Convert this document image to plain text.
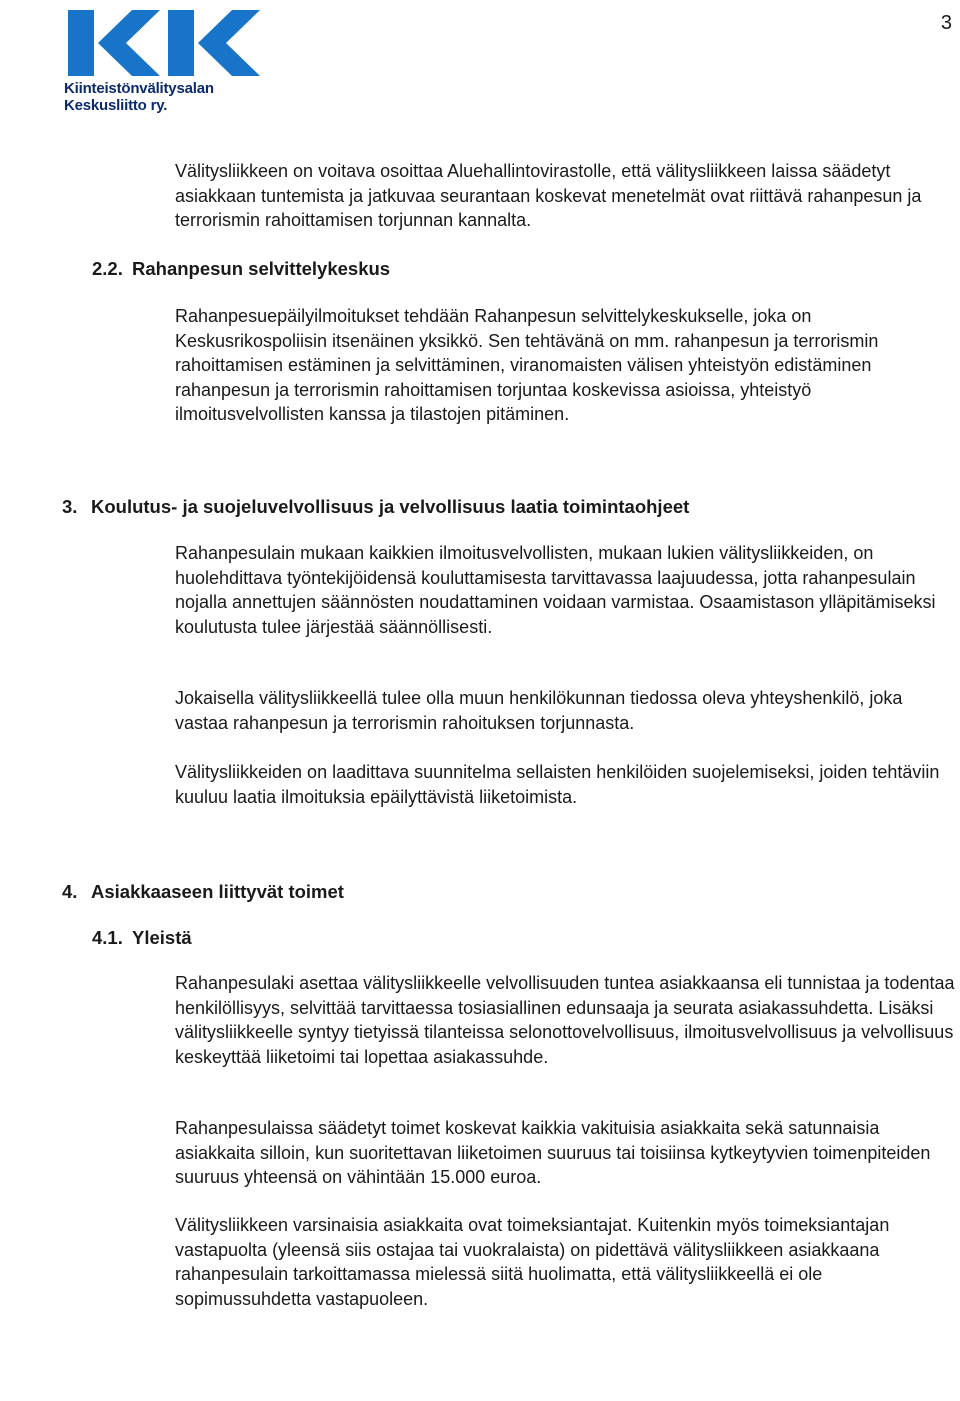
3
Kiinteistönvälitysalan Keskusliitto ry.

Välitysliikkeen on voitava osoittaa Aluehallintovirastolle, että välitysliikkeen laissa säädetyt asiakkaan tuntemista ja jatkuvaa seurantaan koskevat menetelmät ovat riittävä rahanpesun ja terrorismin rahoittamisen torjunnan kannalta.

2.2. Rahanpesun selvittelykeskus

Rahanpesuepäilyilmoitukset tehdään Rahanpesun selvittelykeskukselle, joka on Keskusrikospoliisin itsenäinen yksikkö. Sen tehtävänä on mm. rahanpesun ja terrorismin rahoittamisen estäminen ja selvittäminen, viranomaisten välisen yhteistyön edistäminen rahanpesun ja terrorismin rahoittamisen torjuntaa koskevissa asioissa, yhteistyö ilmoitusvelvollisten kanssa ja tilastojen pitäminen.

3. Koulutus- ja suojeluvelvollisuus ja velvollisuus laatia toimintaohjeet

Rahanpesulain mukaan kaikkien ilmoitusvelvollisten, mukaan lukien välitysliikkeiden, on huolehdittava työntekijöidensä kouluttamisesta tarvittavassa laajuudessa, jotta rahanpesulain nojalla annettujen säännösten noudattaminen voidaan varmistaa. Osaamistason ylläpitämiseksi koulutusta tulee järjestää säännöllisesti.

Jokaisella välitysliikkeellä tulee olla muun henkilökunnan tiedossa oleva yhteyshenkilö, joka vastaa rahanpesun ja terrorismin rahoituksen torjunnasta.

Välitysliikkeiden on laadittava suunnitelma sellaisten henkilöiden suojelemiseksi, joiden tehtäviin kuuluu laatia ilmoituksia epäilyttävistä liiketoimista.

4. Asiakkaaseen liittyvät toimet
4.1. Yleistä

Rahanpesulaki asettaa välitysliikkeelle velvollisuuden tuntea asiakkaansa eli tunnistaa ja todentaa henkilöllisyys, selvittää tarvittaessa tosiasiallinen edunsaaja ja seurata asiakassuhdetta. Lisäksi välitysliikkeelle syntyy tietyissä tilanteissa selonottovelvollisuus, ilmoitusvelvollisuus ja velvollisuus keskeyttää liiketoimi tai lopettaa asiakassuhde.

Rahanpesulaissa säädetyt toimet koskevat kaikkia vakituisia asiakkaita sekä satunnaisia asiakkaita silloin, kun suoritettavan liiketoimen suuruus tai toisiinsa kytkeytyvien toimenpiteiden suuruus yhteensä on vähintään 15.000 euroa.

Välitysliikkeen varsinaisia asiakkaita ovat toimeksiantajat. Kuitenkin myös toimeksiantajan vastapuolta (yleensä siis ostajaa tai vuokralaista) on pidettävä välitysliikkeen asiakkaana rahanpesulain tarkoittamassa mielessä siitä huolimatta, että välitysliikkeellä ei ole sopimussuhdetta vastapuoleen.
